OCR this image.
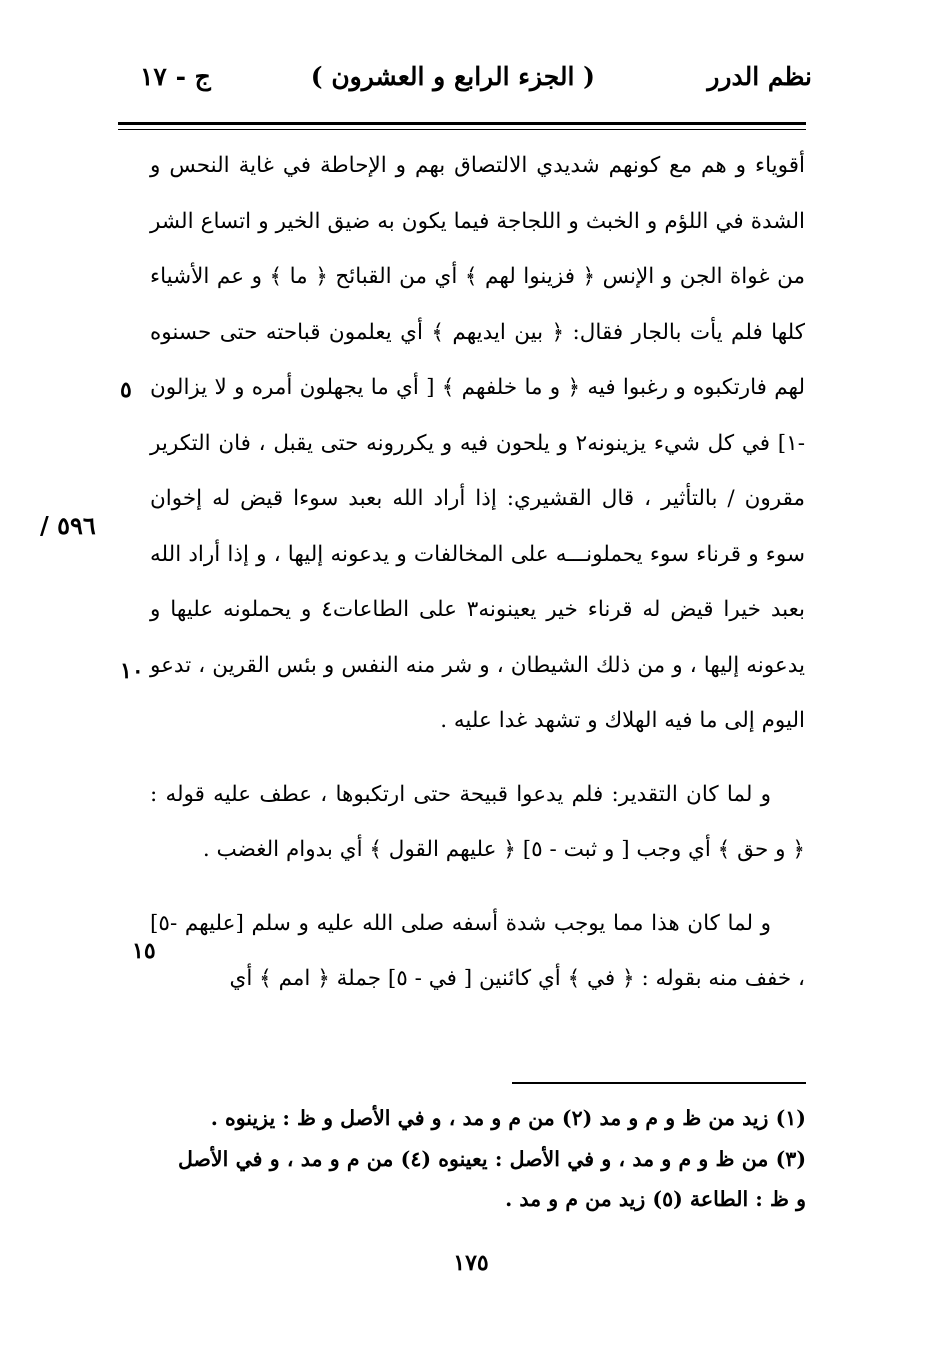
نظم الدرر
( الجزء الرابع و العشرون )
ج - ١٧

أقوياء و هم مع كونهم شديدي الالتصاق بهم و الإحاطة في غاية النحس و الشدة في اللؤم و الخبث و اللجاجة فيما يكون به ضيق الخير و اتساع الشر من غواة الجن و الإنس ﴿ فزينوا لهم ﴾ أي من القبائح ﴿ ما ﴾ و عم الأشياء كلها فلم يأت بالجار فقال: ﴿ بين ايديهم ﴾ أي يعلمون قباحته حتى حسنوه لهم فارتكبوه و رغبوا فيه ﴿ و ما خلفهم ﴾ [ أي ما يجهلون أمره و لا يزالون -١] في كل شيء يزينونه٢ و يلحون فيه و يكررونه حتى يقبل ، فان التكرير مقرون / بالتأثير ، قال القشيري: إذا أراد الله بعبد سوءا قيض له إخوان سوء و قرناء سوء يحملونـــه على المخالفات و يدعونه إليها ، و إذا أراد الله بعبد خيرا قيض له قرناء خير يعينونه٣ على الطاعات٤ و يحملونه عليها و يدعونه إليها ، و من ذلك الشيطان ، و شر منه النفس و بئس القرين ، تدعو اليوم إلى ما فيه الهلاك و تشهد غدا عليه .

و لما كان التقدير: فلم يدعوا قبيحة حتى ارتكبوها ، عطف عليه قوله : ﴿ و حق ﴾ أي وجب [ و ثبت - ٥] ﴿ عليهم القول ﴾ أي بدوام الغضب .

و لما كان هذا مما يوجب شدة أسفه صلى الله عليه و سلم [عليهم -٥] ، خفف منه بقوله : ﴿ في ﴾ أي كائنين [ في - ٥] جملة ﴿ امم ﴾ أي

٥
٥٩٦ /
١٠
١٥

(١) زيد من ظ و م و مد (٢) من م و مد ، و في الأصل و ظ : يزينوه .

(٣) من ظ و م و مد ، و في الأصل : يعينوه (٤) من م و مد ، و في الأصل و ظ : الطاعة (٥) زيد من م و مد .

١٧٥
